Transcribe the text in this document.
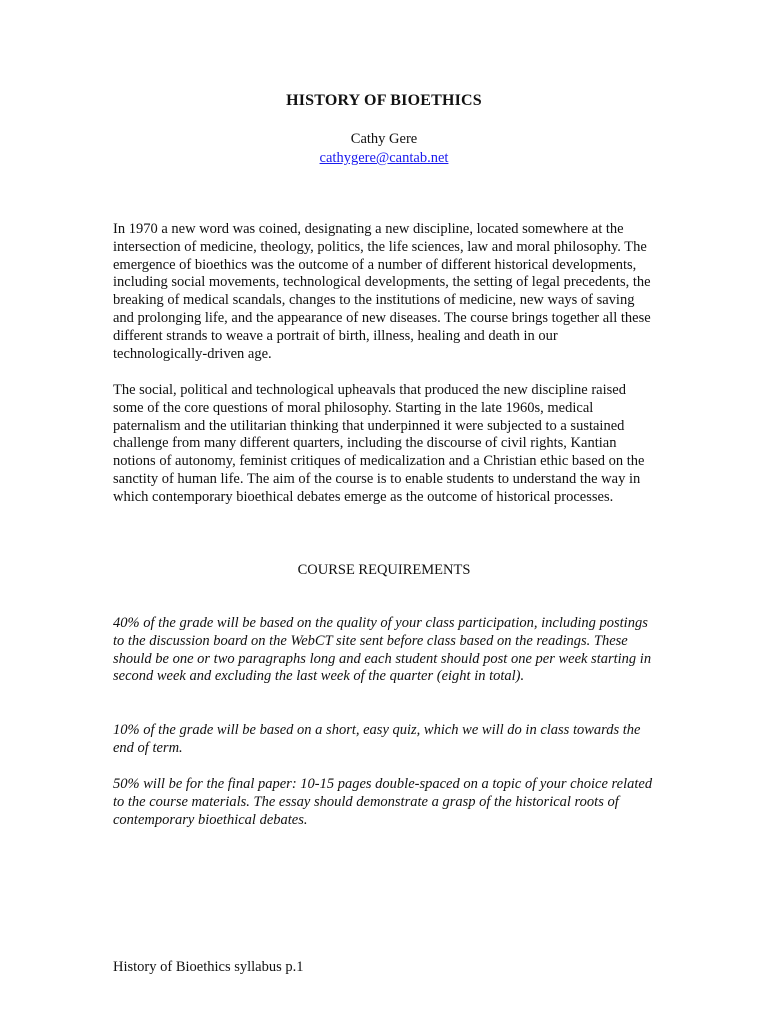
HISTORY OF BIOETHICS
Cathy Gere
cathygere@cantab.net

In 1970 a new word was coined, designating a new discipline, located somewhere at the intersection of medicine, theology, politics, the life sciences, law and moral philosophy. The emergence of bioethics was the outcome of a number of different historical developments, including social movements, technological developments, the setting of legal precedents, the breaking of medical scandals, changes to the institutions of medicine, new ways of saving and prolonging life, and the appearance of new diseases. The course brings together all these different strands to weave a portrait of birth, illness, healing and death in our technologically-driven age.

The social, political and technological upheavals that produced the new discipline raised some of the core questions of moral philosophy. Starting in the late 1960s, medical paternalism and the utilitarian thinking that underpinned it were subjected to a sustained challenge from many different quarters, including the discourse of civil rights, Kantian notions of autonomy, feminist critiques of medicalization and a Christian ethic based on the sanctity of human life. The aim of the course is to enable students to understand the way in which contemporary bioethical debates emerge as the outcome of historical processes.

COURSE REQUIREMENTS

40% of the grade will be based on the quality of your class participation, including postings to the discussion board on the WebCT site sent before class based on the readings. These should be one or two paragraphs long and each student should post one per week starting in second week and excluding the last week of the quarter (eight in total).

10% of the grade will be based on a short, easy quiz, which we will do in class towards the end of term.

50% will be for the final paper: 10-15 pages double-spaced on a topic of your choice related to the course materials. The essay should demonstrate a grasp of the historical roots of contemporary bioethical debates.

History of Bioethics syllabus p.1
